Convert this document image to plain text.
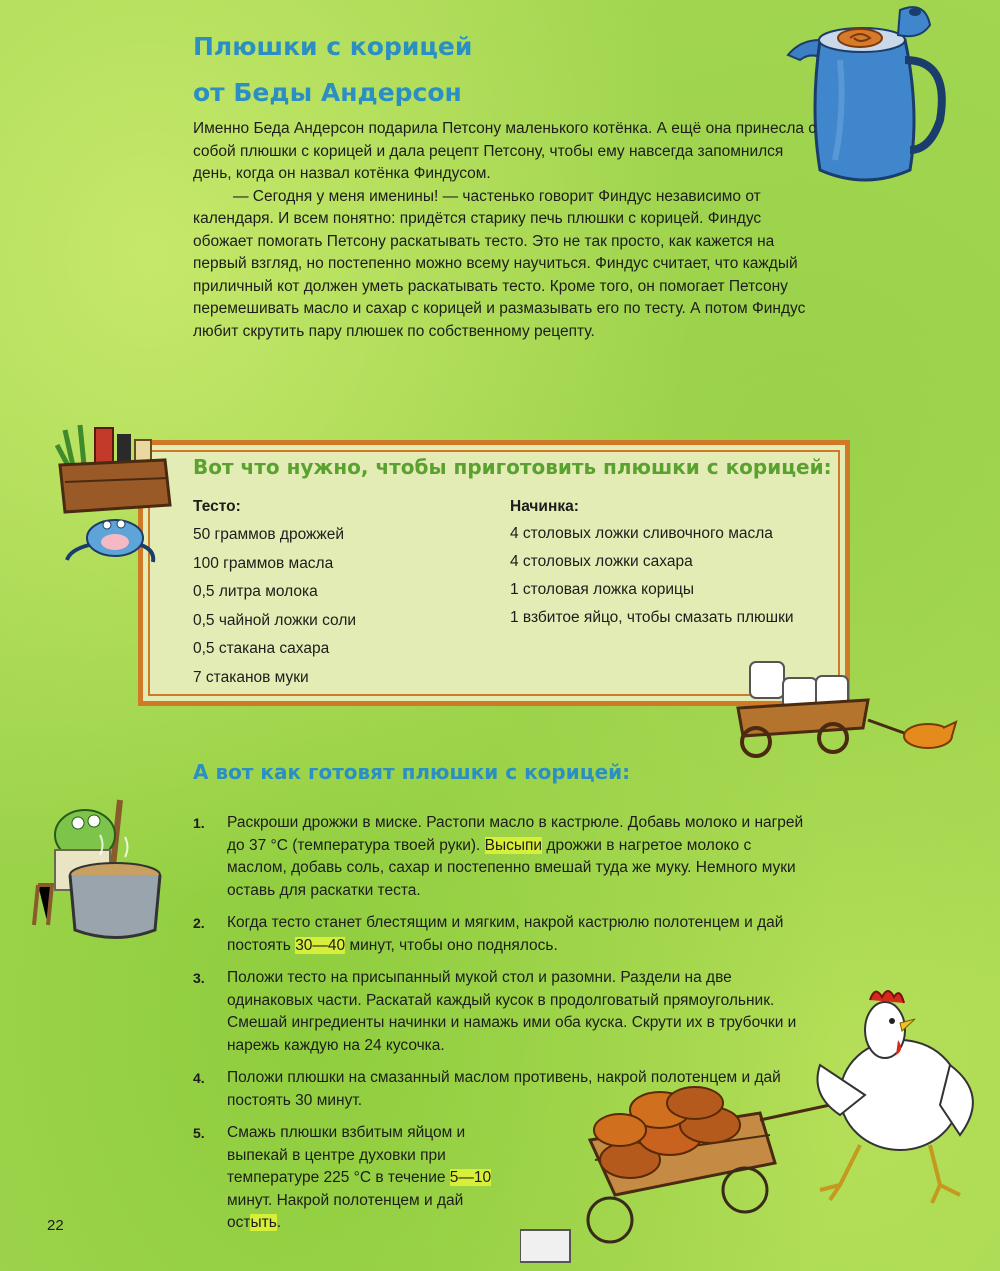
Плюшки с корицей
от Беды Андерсон

Именно Беда Андерсон подарила Петсону маленького котёнка. А ещё она принесла с собой плюшки с корицей и дала рецепт Петсону, чтобы ему навсегда запомнился день, когда он назвал котёнка Финдусом.

— Сегодня у меня именины! — частенько говорит Финдус независимо от календаря. И всем понятно: придётся старику печь плюшки с корицей. Финдус обожает помогать Петсону раскатывать тесто. Это не так просто, как кажется на первый взгляд, но постепенно можно всему научиться. Финдус считает, что каждый приличный кот должен уметь раскатывать тесто. Кроме того, он помогает Петсону перемешивать масло и сахар с корицей и размазывать его по тесту. А потом Финдус любит скрутить пару плюшек по собственному рецепту.

Вот что нужно, чтобы приготовить плюшки с корицей:

Тесто:

50 граммов дрожжей
100 граммов масла
0,5 литра молока
0,5 чайной ложки соли
0,5 стакана сахара
7 стаканов муки

Начинка:

4 столовых ложки сливочного масла
4 столовых ложки сахара
1 столовая ложка корицы
1 взбитое яйцо, чтобы смазать плюшки
А вот как готовят плюшки с корицей:
1. Раскроши дрожжи в миске. Растопи масло в кастрюле. Добавь молоко и нагрей до 37 °С (температура твоей руки). Высыпи дрожжи в нагретое молоко с маслом, добавь соль, сахар и постепенно вмешай туда же муку. Немного муки оставь для раскатки теста.
2. Когда тесто станет блестящим и мягким, накрой кастрюлю полотенцем и дай постоять 30—40 минут, чтобы оно поднялось.
3. Положи тесто на присыпанный мукой стол и разомни. Раздели на две одинаковых части. Раскатай каждый кусок в продолговатый прямоугольник. Смешай ингредиенты начинки и намажь ими оба куска. Скрути их в трубочки и нарежь каждую на 24 кусочка.
4. Положи плюшки на смазанный маслом противень, накрой полотенцем и дай постоять 30 минут.
5. Смажь плюшки взбитым яйцом и выпекай в центре духовки при температуре 225 °С в течение 5—10 минут. Накрой полотенцем и дай остыть.
22
